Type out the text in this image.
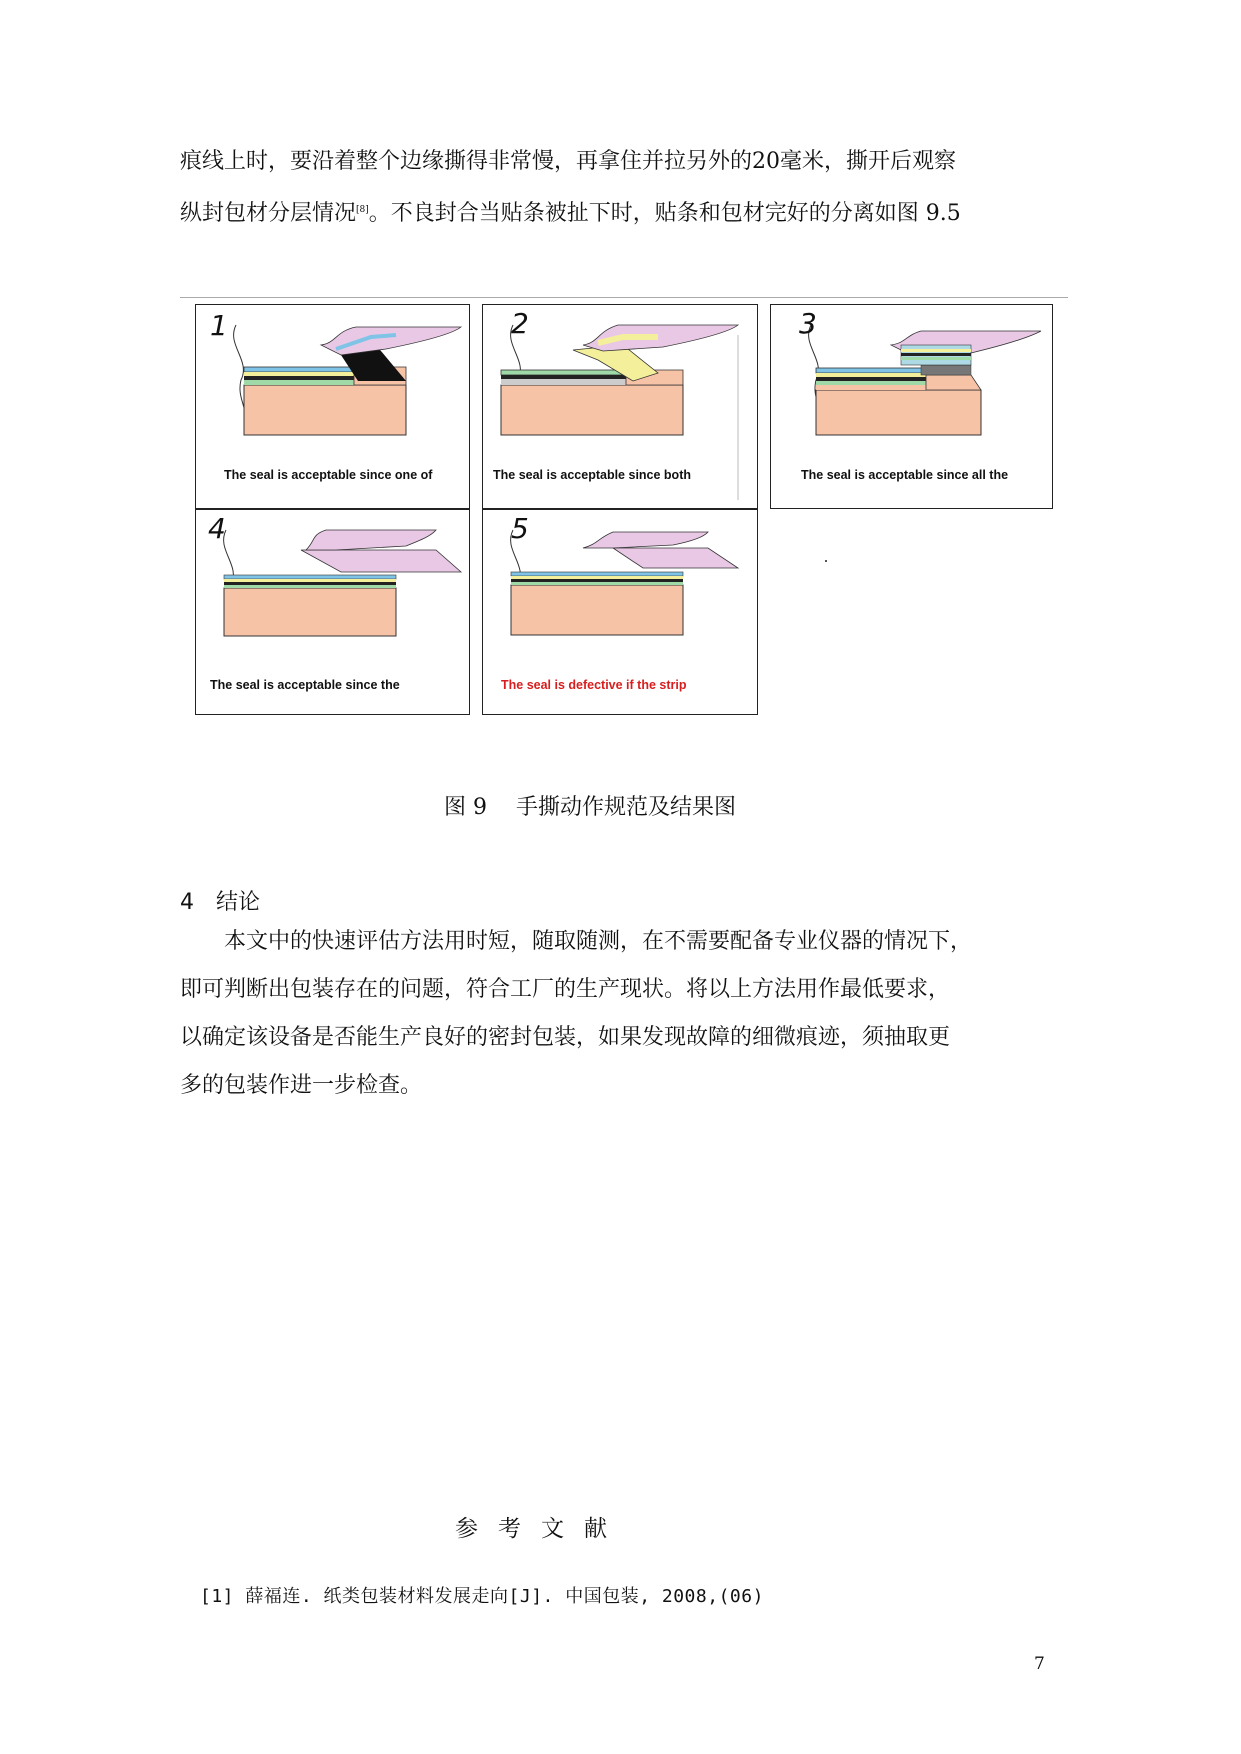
痕线上时，要沿着整个边缘撕得非常慢，再拿住并拉另外的20毫米，撕开后观察
纵封包材分层情况[8]。不良封合当贴条被扯下时，贴条和包材完好的分离如图 9.5
1

The seal is acceptable since one of

2

The seal is acceptable since both

3

The seal is acceptable since all the

4

The seal is acceptable since the

5

The seal is defective if the strip

图 9　 手撕动作规范及结果图
4　结论
　　本文中的快速评估方法用时短，随取随测，在不需要配备专业仪器的情况下，
即可判断出包装存在的问题，符合工厂的生产现状。将以上方法用作最低要求，
以确定该设备是否能生产良好的密封包装，如果发现故障的细微痕迹，须抽取更
多的包装作进一步检查。
参考文献
[1] 薛福连. 纸类包装材料发展走向[J]. 中国包装, 2008,(06)
7
